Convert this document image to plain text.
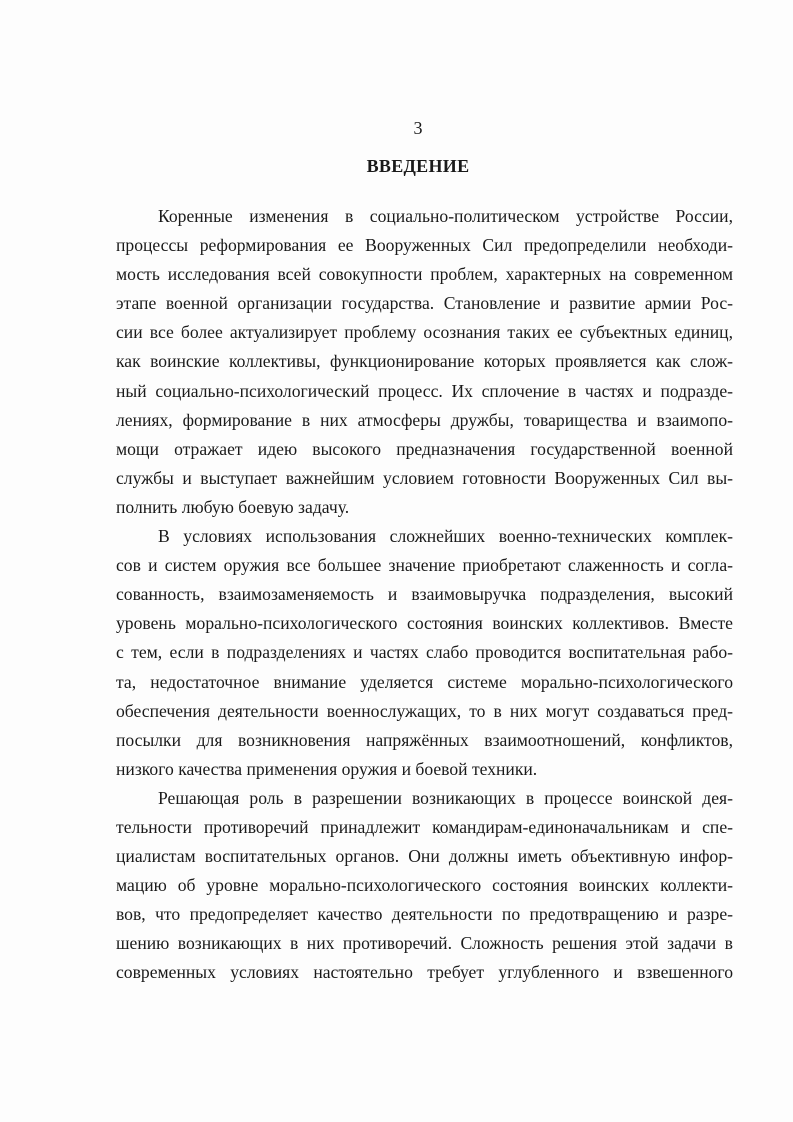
3
ВВЕДЕНИЕ
Коренные изменения в социально-политическом устройстве России,
процессы реформирования ее Вооруженных Сил предопределили необходи-
мость исследования всей совокупности проблем, характерных на современном
этапе военной организации государства. Становление и развитие армии Рос-
сии все более актуализирует проблему осознания таких ее субъектных единиц,
как воинские коллективы, функционирование которых проявляется как слож-
ный социально-психологический процесс. Их сплочение в частях и подразде-
лениях, формирование в них атмосферы дружбы, товарищества и взаимопо-
мощи отражает идею высокого предназначения государственной военной
службы и выступает важнейшим условием готовности Вооруженных Сил вы-
полнить любую боевую задачу.
В условиях использования сложнейших военно-технических комплек-
сов и систем оружия все большее значение приобретают слаженность и согла-
сованность, взаимозаменяемость и взаимовыручка подразделения, высокий
уровень морально-психологического состояния воинских коллективов. Вместе
с тем, если в подразделениях и частях слабо проводится воспитательная рабо-
та, недостаточное внимание уделяется системе морально-психологического
обеспечения деятельности военнослужащих, то в них могут создаваться пред-
посылки для возникновения напряжённых взаимоотношений, конфликтов,
низкого качества применения оружия и боевой техники.
Решающая роль в разрешении возникающих в процессе воинской дея-
тельности противоречий принадлежит командирам-единоначальникам и спе-
циалистам воспитательных органов. Они должны иметь объективную инфор-
мацию об уровне морально-психологического состояния воинских коллекти-
вов, что предопределяет качество деятельности по предотвращению и разре-
шению возникающих в них противоречий. Сложность решения этой задачи в
современных условиях настоятельно требует углубленного и взвешенного
